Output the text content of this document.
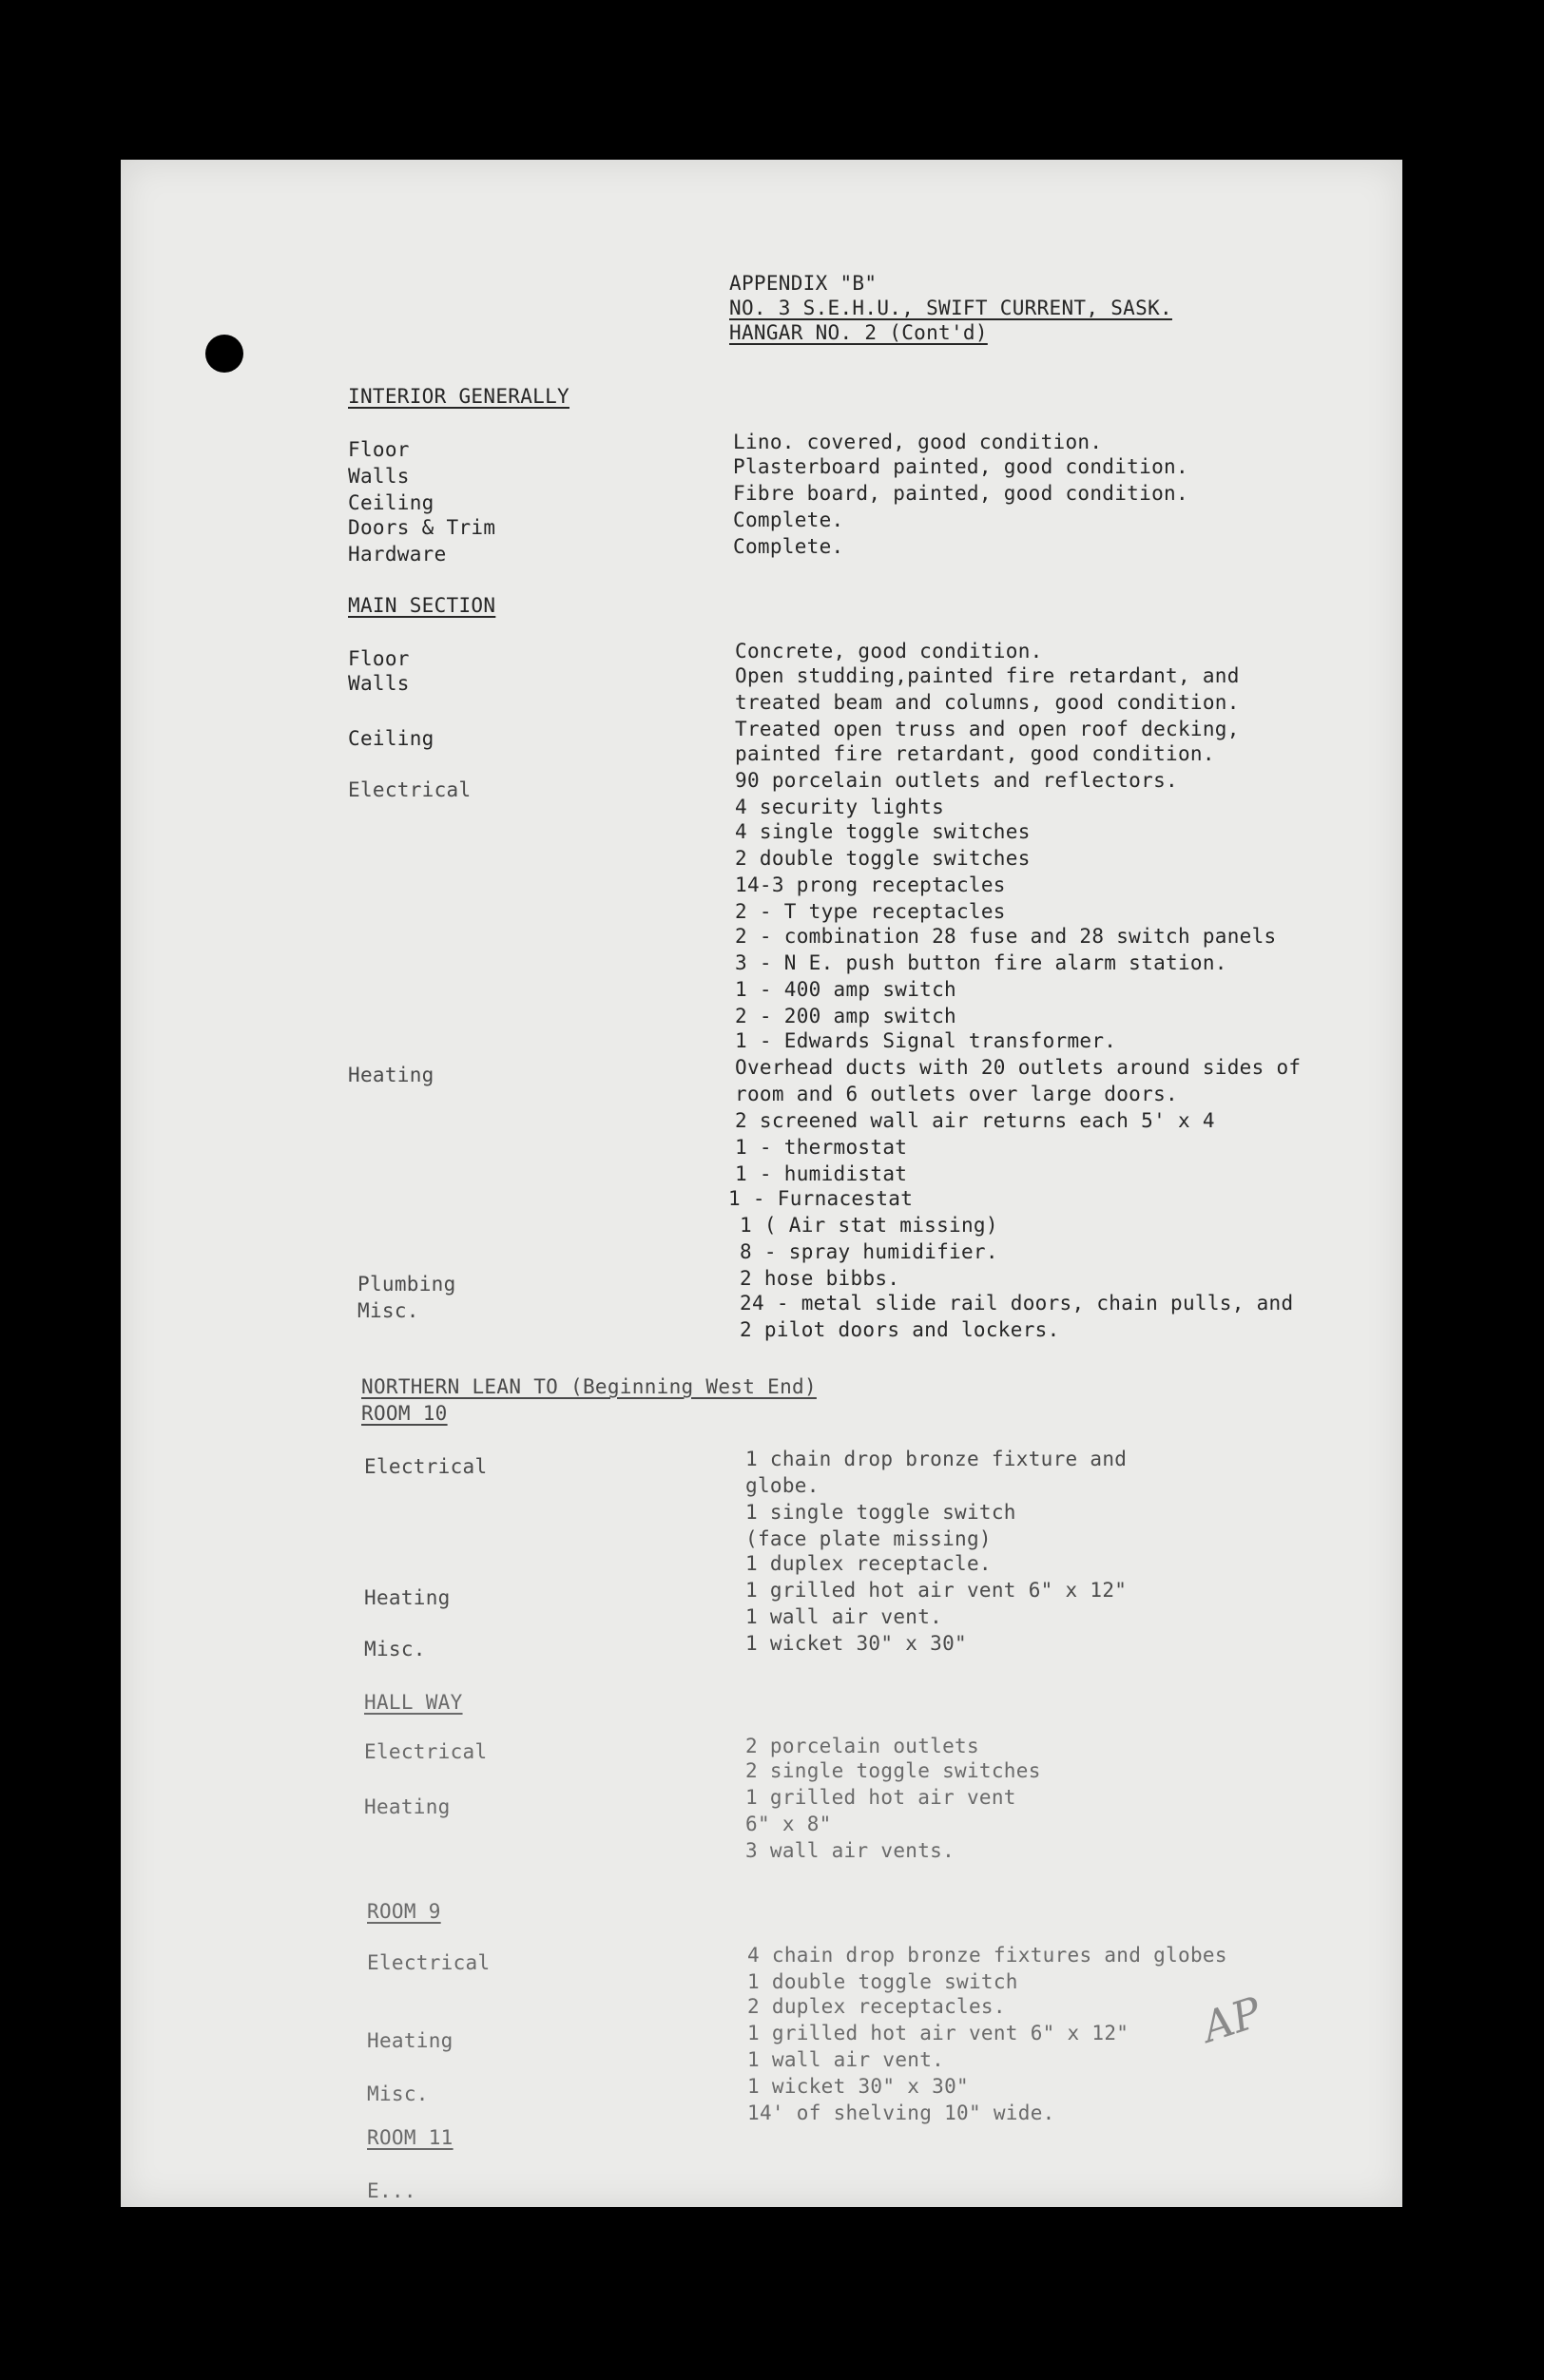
APPENDIX "B"
NO. 3 S.E.H.U., SWIFT CURRENT, SASK.
HANGAR NO. 2 (Cont'd)
INTERIOR GENERALLY
Floor	Lino. covered, good condition.
Walls	Plasterboard painted, good condition.
Ceiling	Fibre board, painted, good condition.
Doors & Trim	Complete.
Hardware	Complete.
MAIN SECTION
Floor	Concrete, good condition.
Walls	Open studding,painted fire retardant, and
treated beam and columns, good condition.
Ceiling	Treated open truss and open roof decking,
painted fire retardant, good condition.
Electrical	90 porcelain outlets and reflectors.
4 security lights
4 single toggle switches
2 double toggle switches
14-3 prong receptacles
2 - T type receptacles
2 - combination 28 fuse and 28 switch panels
3 - N E. push button fire alarm station.
1 - 400 amp switch
2 - 200 amp switch
1 - Edwards Signal transformer.
Heating	Overhead ducts with 20 outlets around sides of
room and 6 outlets over large doors.
2 screened wall air returns each 5' x 4
1 - thermostat
1 - humidistat
1 - Furnacestat
1 ( Air stat missing)
8 - spray humidifier.
Plumbing	2 hose bibbs.
Misc.	24 - metal slide rail doors, chain pulls, and
2 pilot doors and lockers.
NORTHERN LEAN TO (Beginning West End)
ROOM 10
Electrical	1 chain drop bronze fixture and
globe.
1 single toggle switch
(face plate missing)
1 duplex receptacle.
Heating	1 grilled hot air vent 6" x 12"
1 wall air vent.
Misc.	1 wicket 30" x 30"
HALL WAY
Electrical	2 porcelain outlets
2 single toggle switches
Heating	1 grilled hot air vent
6" x 8"
3 wall air vents.
ROOM 9
Electrical	4 chain drop bronze fixtures and globes
1 double toggle switch
2 duplex receptacles.
Heating	1 grilled hot air vent 6" x 12"
1 wall air vent.
Misc.	1 wicket 30" x 30"
14' of shelving 10" wide.
ROOM 11
E...
AP
